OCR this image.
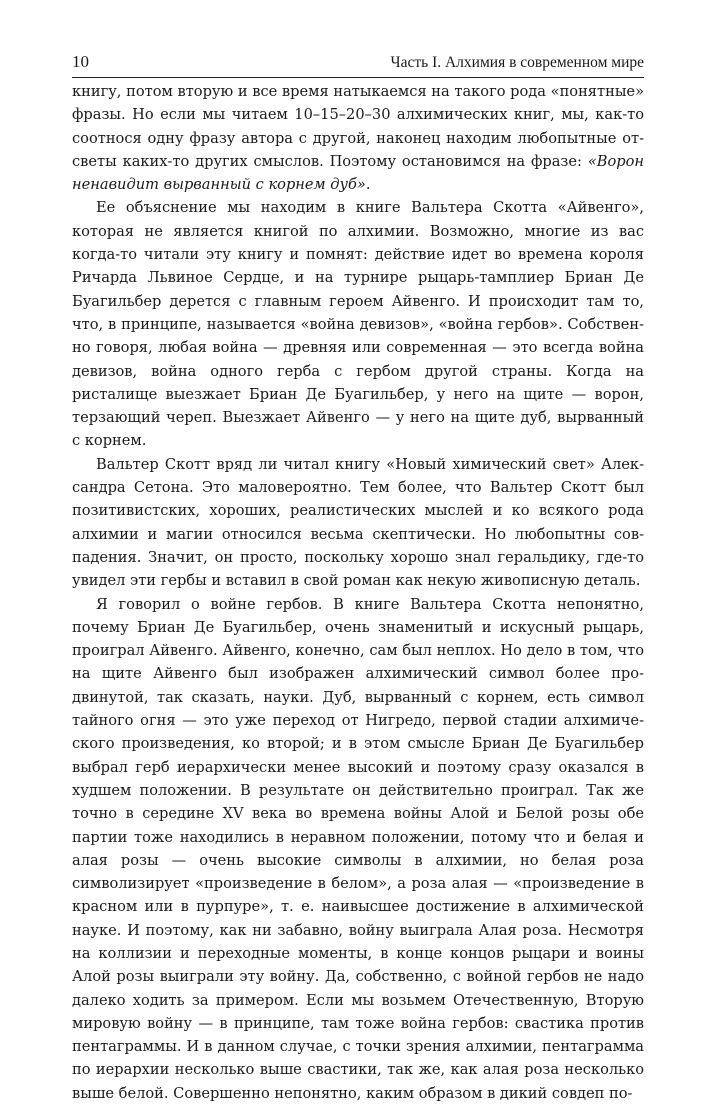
10	Часть I. Алхимия в современном мире

книгу, потом вторую и все время натыкаемся на такого рода «понятные» фразы. Но если мы читаем 10–15–20–30 алхимических книг, мы, как-то соотнося одну фразу автора с другой, наконец находим любопытные отсветы каких-то других смыслов. Поэтому остановимся на фразе: «Ворон ненавидит вырванный с корнем дуб».

Ее объяснение мы находим в книге Вальтера Скотта «Айвенго», которая не является книгой по алхимии. Возможно, многие из вас когда-то читали эту книгу и помнят: действие идет во времена короля Ричарда Львиное Сердце, и на турнире рыцарь-тамплиер Бриан Де Буагильбер дерется с главным героем Айвенго. И происходит там то, что, в принципе, называется «война девизов», «война гербов». Собственно говоря, любая война — древняя или современная — это всегда война девизов, война одного герба с гербом другой страны. Когда на ристалище выезжает Бриан Де Буагильбер, у него на щите — ворон, терзающий череп. Выезжает Айвенго — у него на щите дуб, вырванный с корнем.

Вальтер Скотт вряд ли читал книгу «Новый химический свет» Александра Сетона. Это маловероятно. Тем более, что Вальтер Скотт был позитивистских, хороших, реалистических мыслей и ко всякого рода алхимии и магии относился весьма скептически. Но любопытны совпадения. Значит, он просто, поскольку хорошо знал геральдику, где-то увидел эти гербы и вставил в свой роман как некую живописную деталь.

Я говорил о войне гербов. В книге Вальтера Скотта непонятно, почему Бриан Де Буагильбер, очень знаменитый и искусный рыцарь, проиграл Айвенго. Айвенго, конечно, сам был неплох. Но дело в том, что на щите Айвенго был изображен алхимический символ более продвинутой, так сказать, науки. Дуб, вырванный с корнем, есть символ тайного огня — это уже переход от Нигредо, первой стадии алхимического произведения, ко второй; и в этом смысле Бриан Де Буагильбер выбрал герб иерархически менее высокий и поэтому сразу оказался в худшем положении. В результате он действительно проиграл. Так же точно в середине XV века во времена войны Алой и Белой розы обе партии тоже находились в неравном положении, потому что и белая и алая розы — очень высокие символы в алхимии, но белая роза символизирует «произведение в белом», а роза алая — «произведение в красном или в пурпуре», т. е. наивысшее достижение в алхимической науке. И поэтому, как ни забавно, войну выиграла Алая роза. Несмотря на коллизии и переходные моменты, в конце концов рыцари и воины Алой розы выиграли эту войну. Да, собственно, с войной гербов не надо далеко ходить за примером. Если мы возьмем Отечественную, Вторую мировую войну — в принципе, там тоже война гербов: свастика против пентаграммы. И в данном случае, с точки зрения алхимии, пентаграмма по иерархии несколько выше свастики, так же, как алая роза несколько выше белой. Совершенно непонятно, каким образом в дикий совдеп по-
